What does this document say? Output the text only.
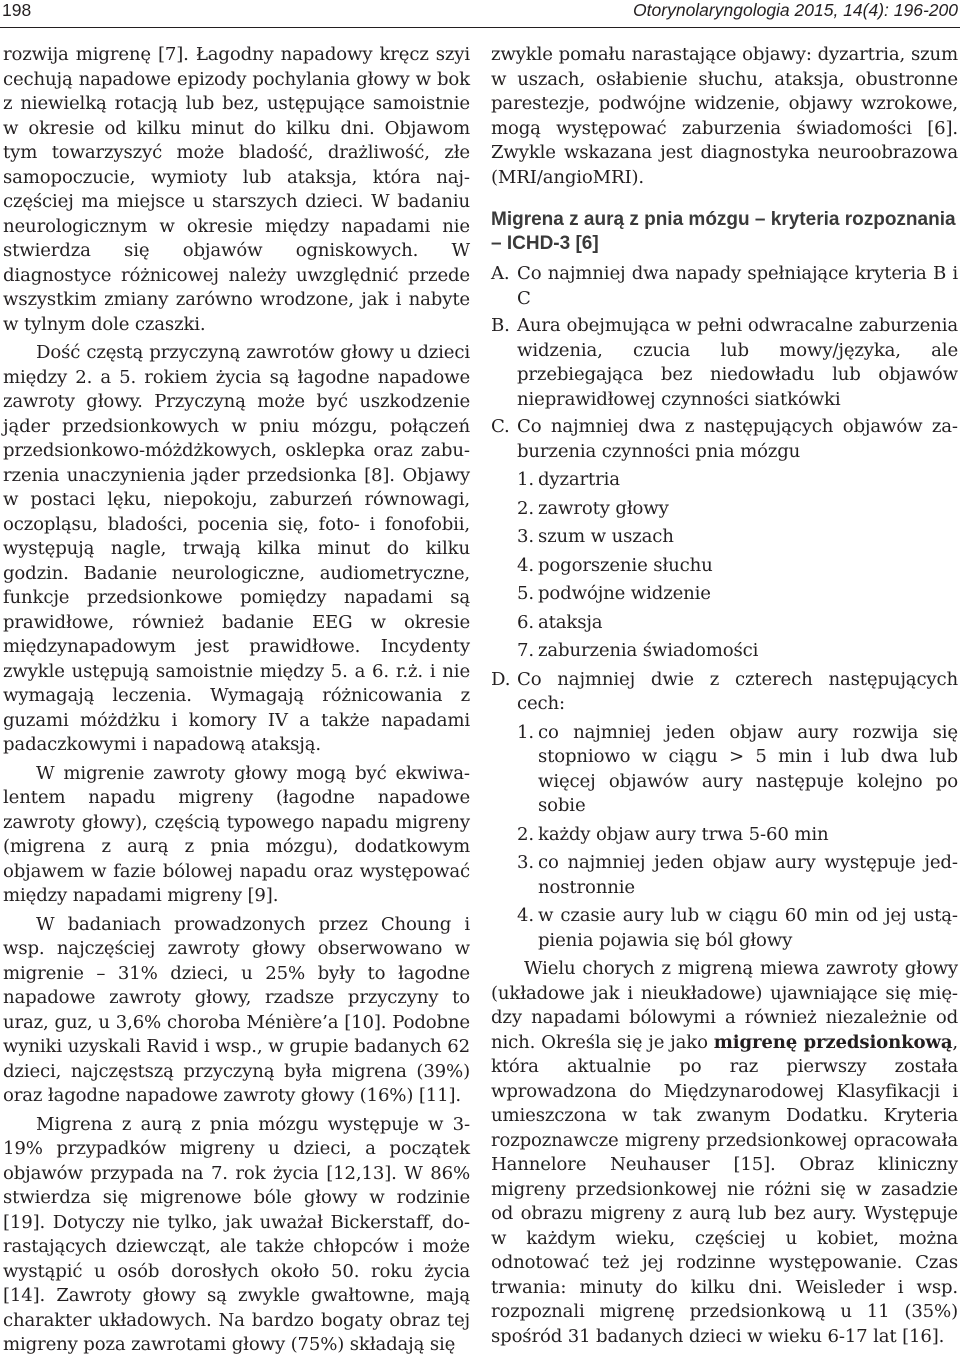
198	Otorynolaryngologia 2015, 14(4): 196-200

rozwija migrenę [7]. Łagodny napadowy kręcz szyi cechują napadowe epizody pochylania głowy w bok z niewielką rotacją lub bez, ustępujące samoistnie w okresie od kilku minut do kilku dni. Objawom tym towarzyszyć może bladość, drażliwość, złe samopoczucie, wymioty lub ataksja, która najczęściej ma miejsce u starszych dzieci. W badaniu neurologicznym w okresie między napadami nie stwierdza się objawów ogniskowych. W diagnostyce różnicowej należy uwzględnić przede wszystkim zmiany zarówno wrodzone, jak i nabyte w tylnym dole czaszki.

Dość częstą przyczyną zawrotów głowy u dzieci między 2. a 5. rokiem życia są łagodne napadowe zawroty głowy. Przyczyną może być uszkodzenie jąder przedsionkowych w pniu mózgu, połączeń przedsionkowo-móżdżkowych, osklepka oraz zaburzenia unaczynienia jąder przedsionka [8]. Objawy w postaci lęku, niepokoju, zaburzeń równowagi, oczopląsu, bladości, pocenia się, foto- i fonofobii, występują nagle, trwają kilka minut do kilku godzin. Badanie neurologiczne, audiometryczne, funkcje przedsionkowe pomiędzy napadami są prawidłowe, również badanie EEG w okresie międzynapadowym jest prawidłowe. Incydenty zwykle ustępują samoistnie między 5. a 6. r.ż. i nie wymagają leczenia. Wymagają różnicowania z guzami móżdżku i komory IV a także napadami padaczkowymi i napadową ataksją.

W migrenie zawroty głowy mogą być ekwiwalentem napadu migreny (łagodne napadowe zawroty głowy), częścią typowego napadu migreny (migrena z aurą z pnia mózgu), dodatkowym objawem w fazie bólowej napadu oraz występować między napadami migreny [9].

W badaniach prowadzonych przez Choung i wsp. najczęściej zawroty głowy obserwowano w migrenie – 31% dzieci, u 25% były to łagodne napadowe zawroty głowy, rzadsze przyczyny to uraz, guz, u 3,6% choroba Ménière’a [10]. Podobne wyniki uzyskali Ravid i wsp., w grupie badanych 62 dzieci, najczęstszą przyczyną była migrena (39%) oraz łagodne napadowe zawroty głowy (16%) [11].

Migrena z aurą z pnia mózgu występuje w 3-19% przypadków migreny u dzieci, a początek objawów przypada na 7. rok życia [12,13]. W 86% stwierdza się migrenowe bóle głowy w rodzinie [19]. Dotyczy nie tylko, jak uważał Bickerstaff, dorastających dziewcząt, ale także chłopców i może wystąpić u osób dorosłych około 50. roku życia [14]. Zawroty głowy są zwykle gwałtowne, mają charakter układowych. Na bardzo bogaty obraz tej migreny poza zawrotami głowy (75%) składają się

zwykle pomału narastające objawy: dyzartria, szum w uszach, osłabienie słuchu, ataksja, obustronne parestezje, podwójne widzenie, objawy wzrokowe, mogą występować zaburzenia świadomości [6]. Zwykle wskazana jest diagnostyka neuroobrazowa (MRI/angioMRI).

Migrena z aurą z pnia mózgu – kryteria rozpoznania – ICHD-3 [6]
A. Co najmniej dwa napady spełniające kryteria B i C
B. Aura obejmująca w pełni odwracalne zaburzenia widzenia, czucia lub mowy/języka, ale przebiegająca bez niedowładu lub objawów nieprawidłowej czynności siatkówki
C. Co najmniej dwa z następujących objawów zaburzenia czynności pnia mózgu
1. dyzartria
2. zawroty głowy
3. szum w uszach
4. pogorszenie słuchu
5. podwójne widzenie
6. ataksja
7. zaburzenia świadomości
D. Co najmniej dwie z czterech następujących cech:
1. co najmniej jeden objaw aury rozwija się stopniowo w ciągu > 5 min i lub dwa lub więcej objawów aury następuje kolejno po sobie
2. każdy objaw aury trwa 5-60 min
3. co najmniej jeden objaw aury występuje jednostronnie
4. w czasie aury lub w ciągu 60 min od jej ustąpienia pojawia się ból głowy

Wielu chorych z migreną miewa zawroty głowy (układowe jak i nieukładowe) ujawniające się między napadami bólowymi a również niezależnie od nich. Określa się je jako migrenę przedsionkową, która aktualnie po raz pierwszy została wprowadzona do Międzynarodowej Klasyfikacji i umieszczona w tak zwanym Dodatku. Kryteria rozpoznawcze migreny przedsionkowej opracowała Hannelore Neuhauser [15]. Obraz kliniczny migreny przedsionkowej nie różni się w zasadzie od obrazu migreny z aurą lub bez aury. Występuje w każdym wieku, częściej u kobiet, można odnotować też jej rodzinne występowanie. Czas trwania: minuty do kilku dni. Weisleder i wsp. rozpoznali migrenę przedsionkową u 11 (35%) spośród 31 badanych dzieci w wieku 6-17 lat [16].
